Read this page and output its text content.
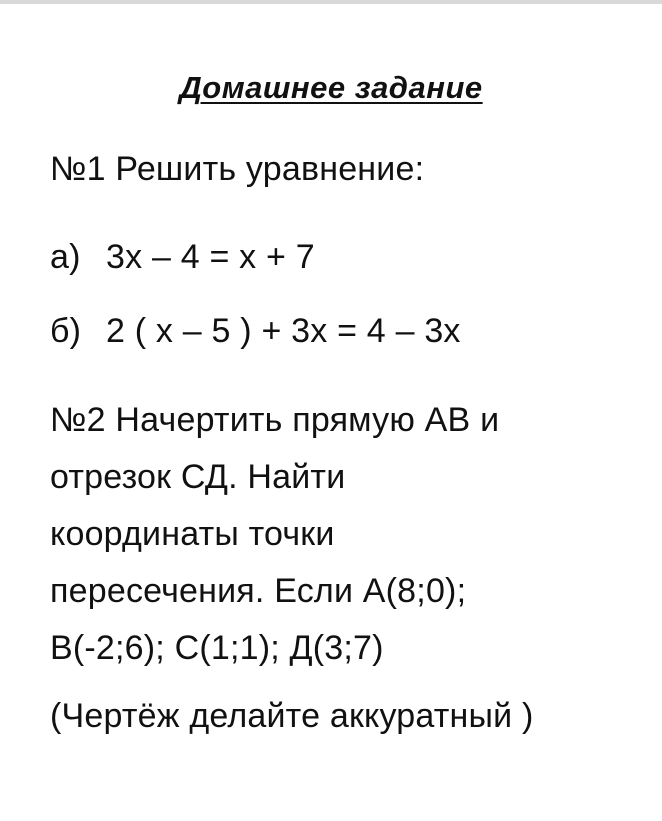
Домашнее задание
№1 Решить уравнение:
а) 3х – 4 = х + 7
б) 2 ( х – 5 ) + 3х = 4 – 3х
№2 Начертить прямую АВ и
отрезок СД. Найти
координаты точки
пересечения. Если А(8;0);
В(-2;6); С(1;1); Д(3;7)
(Чертёж делайте аккуратный )
